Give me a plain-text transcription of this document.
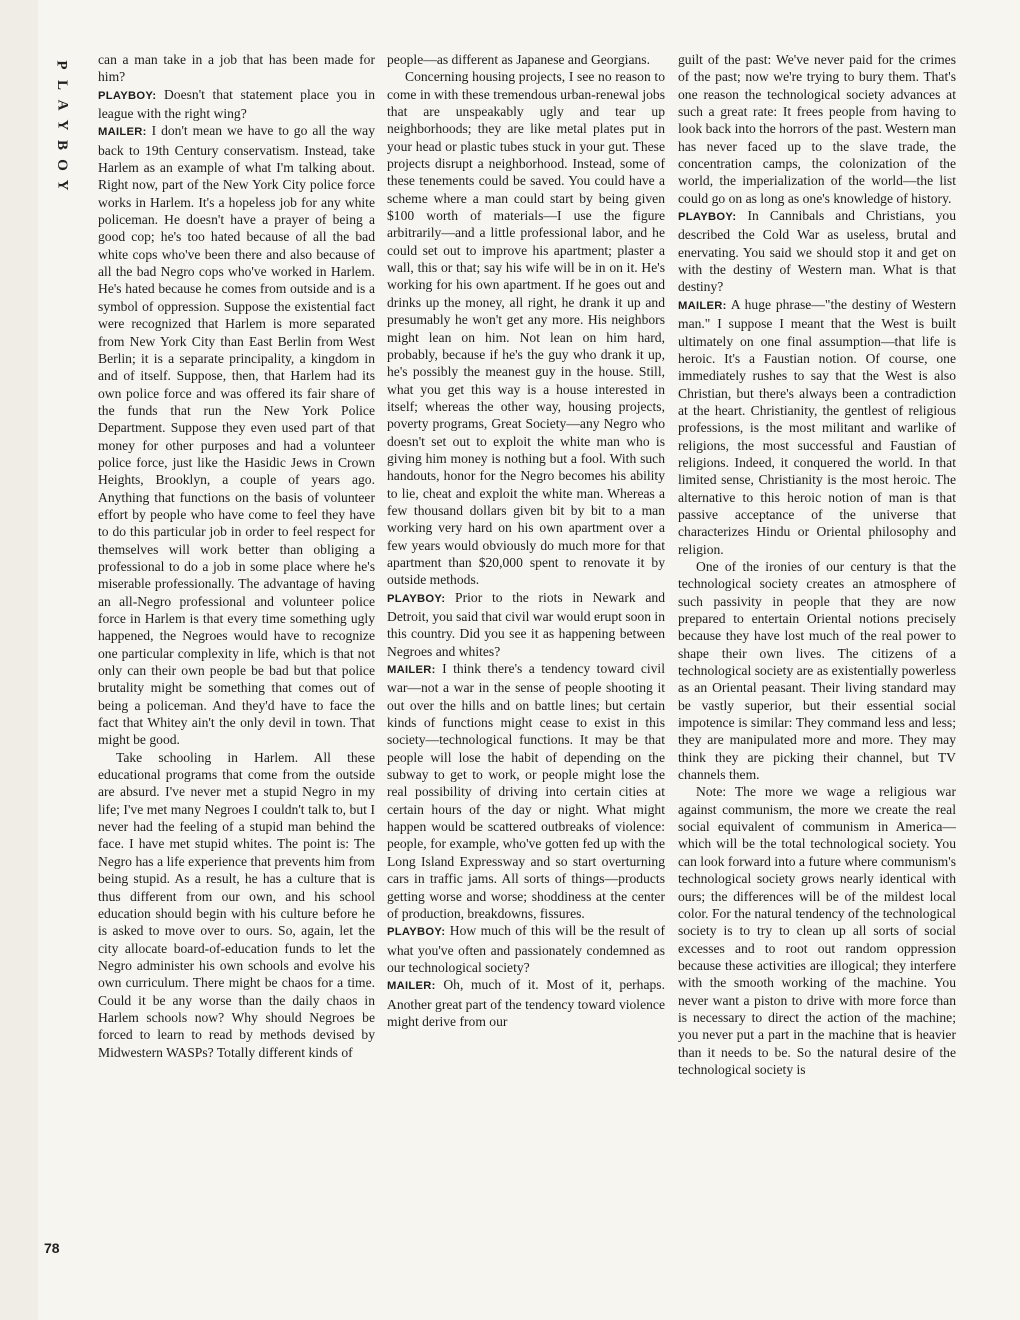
P
L
A
Y
B
O
Y
78

can a man take in a job that has been made for him?

PLAYBOY: Doesn't that statement place you in league with the right wing?

MAILER: I don't mean we have to go all the way back to 19th Century conservatism. Instead, take Harlem as an example of what I'm talking about. Right now, part of the New York City police force works in Harlem. It's a hopeless job for any white policeman. He doesn't have a prayer of being a good cop; he's too hated because of all the bad white cops who've been there and also because of all the bad Negro cops who've worked in Harlem. He's hated because he comes from outside and is a symbol of oppression. Suppose the existential fact were recognized that Harlem is more separated from New York City than East Berlin from West Berlin; it is a separate principality, a kingdom in and of itself. Suppose, then, that Harlem had its own police force and was offered its fair share of the funds that run the New York Police Department. Suppose they even used part of that money for other purposes and had a volunteer police force, just like the Hasidic Jews in Crown Heights, Brooklyn, a couple of years ago. Anything that functions on the basis of volunteer effort by people who have come to feel they have to do this particular job in order to feel respect for themselves will work better than obliging a professional to do a job in some place where he's miserable professionally. The advantage of having an all-Negro professional and volunteer police force in Harlem is that every time something ugly happened, the Negroes would have to recognize one particular complexity in life, which is that not only can their own people be bad but that police brutality might be something that comes out of being a policeman. And they'd have to face the fact that Whitey ain't the only devil in town. That might be good.

Take schooling in Harlem. All these educational programs that come from the outside are absurd. I've never met a stupid Negro in my life; I've met many Negroes I couldn't talk to, but I never had the feeling of a stupid man behind the face. I have met stupid whites. The point is: The Negro has a life experience that prevents him from being stupid. As a result, he has a culture that is thus different from our own, and his school education should begin with his culture before he is asked to move over to ours. So, again, let the city allocate board-of-education funds to let the Negro administer his own schools and evolve his own curriculum. There might be chaos for a time. Could it be any worse than the daily chaos in Harlem schools now? Why should Negroes be forced to learn to read by methods devised by Midwestern WASPs? Totally different kinds of

people—as different as Japanese and Georgians.

Concerning housing projects, I see no reason to come in with these tremendous urban-renewal jobs that are unspeakably ugly and tear up neighborhoods; they are like metal plates put in your head or plastic tubes stuck in your gut. These projects disrupt a neighborhood. Instead, some of these tenements could be saved. You could have a scheme where a man could start by being given $100 worth of materials—I use the figure arbitrarily—and a little professional labor, and he could set out to improve his apartment; plaster a wall, this or that; say his wife will be in on it. He's working for his own apartment. If he goes out and drinks up the money, all right, he drank it up and presumably he won't get any more. His neighbors might lean on him. Not lean on him hard, probably, because if he's the guy who drank it up, he's possibly the meanest guy in the house. Still, what you get this way is a house interested in itself; whereas the other way, housing projects, poverty programs, Great Society—any Negro who doesn't set out to exploit the white man who is giving him money is nothing but a fool. With such handouts, honor for the Negro becomes his ability to lie, cheat and exploit the white man. Whereas a few thousand dollars given bit by bit to a man working very hard on his own apartment over a few years would obviously do much more for that apartment than $20,000 spent to renovate it by outside methods.

PLAYBOY: Prior to the riots in Newark and Detroit, you said that civil war would erupt soon in this country. Did you see it as happening between Negroes and whites?

MAILER: I think there's a tendency toward civil war—not a war in the sense of people shooting it out over the hills and on battle lines; but certain kinds of functions might cease to exist in this society—technological functions. It may be that people will lose the habit of depending on the subway to get to work, or people might lose the real possibility of driving into certain cities at certain hours of the day or night. What might happen would be scattered outbreaks of violence: people, for example, who've gotten fed up with the Long Island Expressway and so start overturning cars in traffic jams. All sorts of things—products getting worse and worse; shoddiness at the center of production, breakdowns, fissures.

PLAYBOY: How much of this will be the result of what you've often and passionately condemned as our technological society?

MAILER: Oh, much of it. Most of it, perhaps. Another great part of the tendency toward violence might derive from our

guilt of the past: We've never paid for the crimes of the past; now we're trying to bury them. That's one reason the technological society advances at such a great rate: It frees people from having to look back into the horrors of the past. Western man has never faced up to the slave trade, the concentration camps, the colonization of the world, the imperialization of the world—the list could go on as long as one's knowledge of history.

PLAYBOY: In Cannibals and Christians, you described the Cold War as useless, brutal and enervating. You said we should stop it and get on with the destiny of Western man. What is that destiny?

MAILER: A huge phrase—"the destiny of Western man." I suppose I meant that the West is built ultimately on one final assumption—that life is heroic. It's a Faustian notion. Of course, one immediately rushes to say that the West is also Christian, but there's always been a contradiction at the heart. Christianity, the gentlest of religious professions, is the most militant and warlike of religions, the most successful and Faustian of religions. Indeed, it conquered the world. In that limited sense, Christianity is the most heroic. The alternative to this heroic notion of man is that passive acceptance of the universe that characterizes Hindu or Oriental philosophy and religion.

One of the ironies of our century is that the technological society creates an atmosphere of such passivity in people that they are now prepared to entertain Oriental notions precisely because they have lost much of the real power to shape their own lives. The citizens of a technological society are as existentially powerless as an Oriental peasant. Their living standard may be vastly superior, but their essential social impotence is similar: They command less and less; they are manipulated more and more. They may think they are picking their channel, but TV channels them.

Note: The more we wage a religious war against communism, the more we create the real social equivalent of communism in America—which will be the total technological society. You can look forward into a future where communism's technological society grows nearly identical with ours; the differences will be of the mildest local color. For the natural tendency of the technological society is to try to clean up all sorts of social excesses and to root out random oppression because these activities are illogical; they interfere with the smooth working of the machine. You never want a piston to drive with more force than is necessary to direct the action of the machine; you never put a part in the machine that is heavier than it needs to be. So the natural desire of the technological society is
